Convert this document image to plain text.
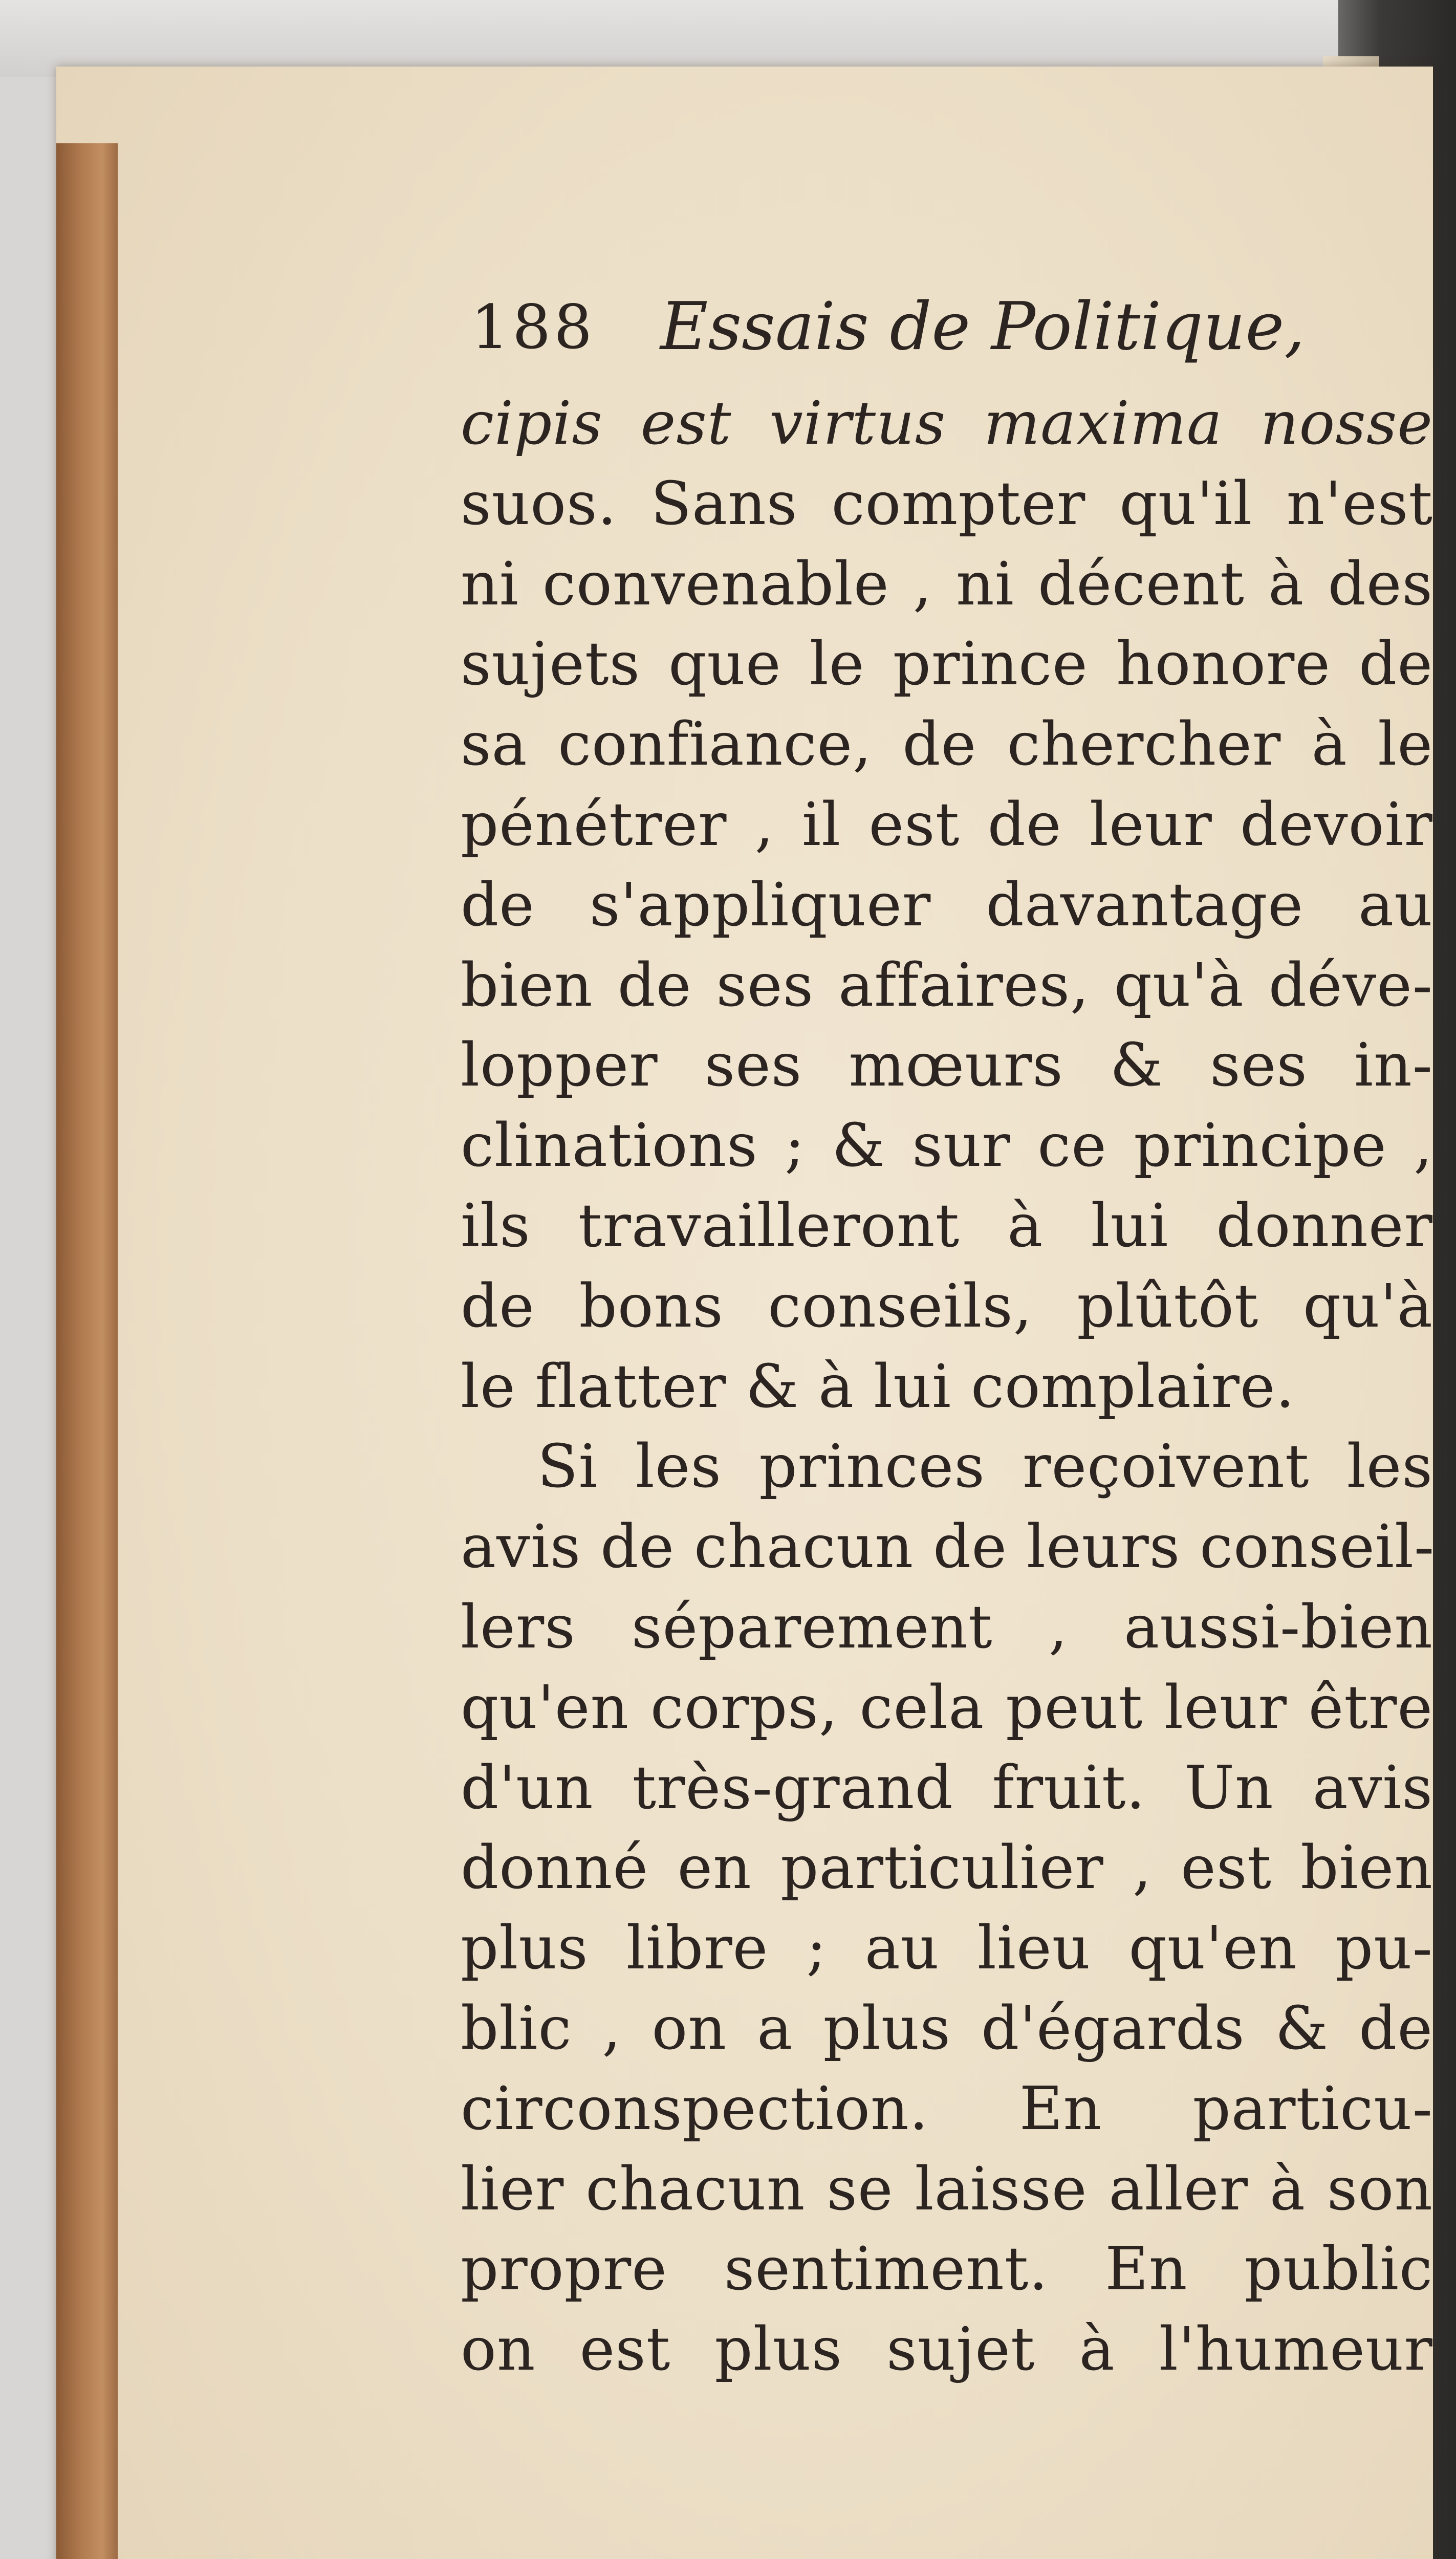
188 Essais de Politique,
cipis est virtus maxima nosse
suos. Sans compter qu'il n'est
ni convenable , ni décent à des
sujets que le prince honore de
sa confiance, de chercher à le
pénétrer , il est de leur devoir
de s'appliquer davantage au
bien de ses affaires, qu'à déve-
lopper ses mœurs & ses in-
clinations ; & sur ce principe ,
ils travailleront à lui donner
de bons conseils, plûtôt qu'à
le flatter & à lui complaire.
Si les princes reçoivent les
avis de chacun de leurs conseil-
lers séparement , aussi-bien
qu'en corps, cela peut leur être
d'un très-grand fruit. Un avis
donné en particulier , est bien
plus libre ; au lieu qu'en pu-
blic , on a plus d'égards & de
circonspection. En particu-
lier chacun se laisse aller à son
propre sentiment. En public
on est plus sujet à l'humeur
